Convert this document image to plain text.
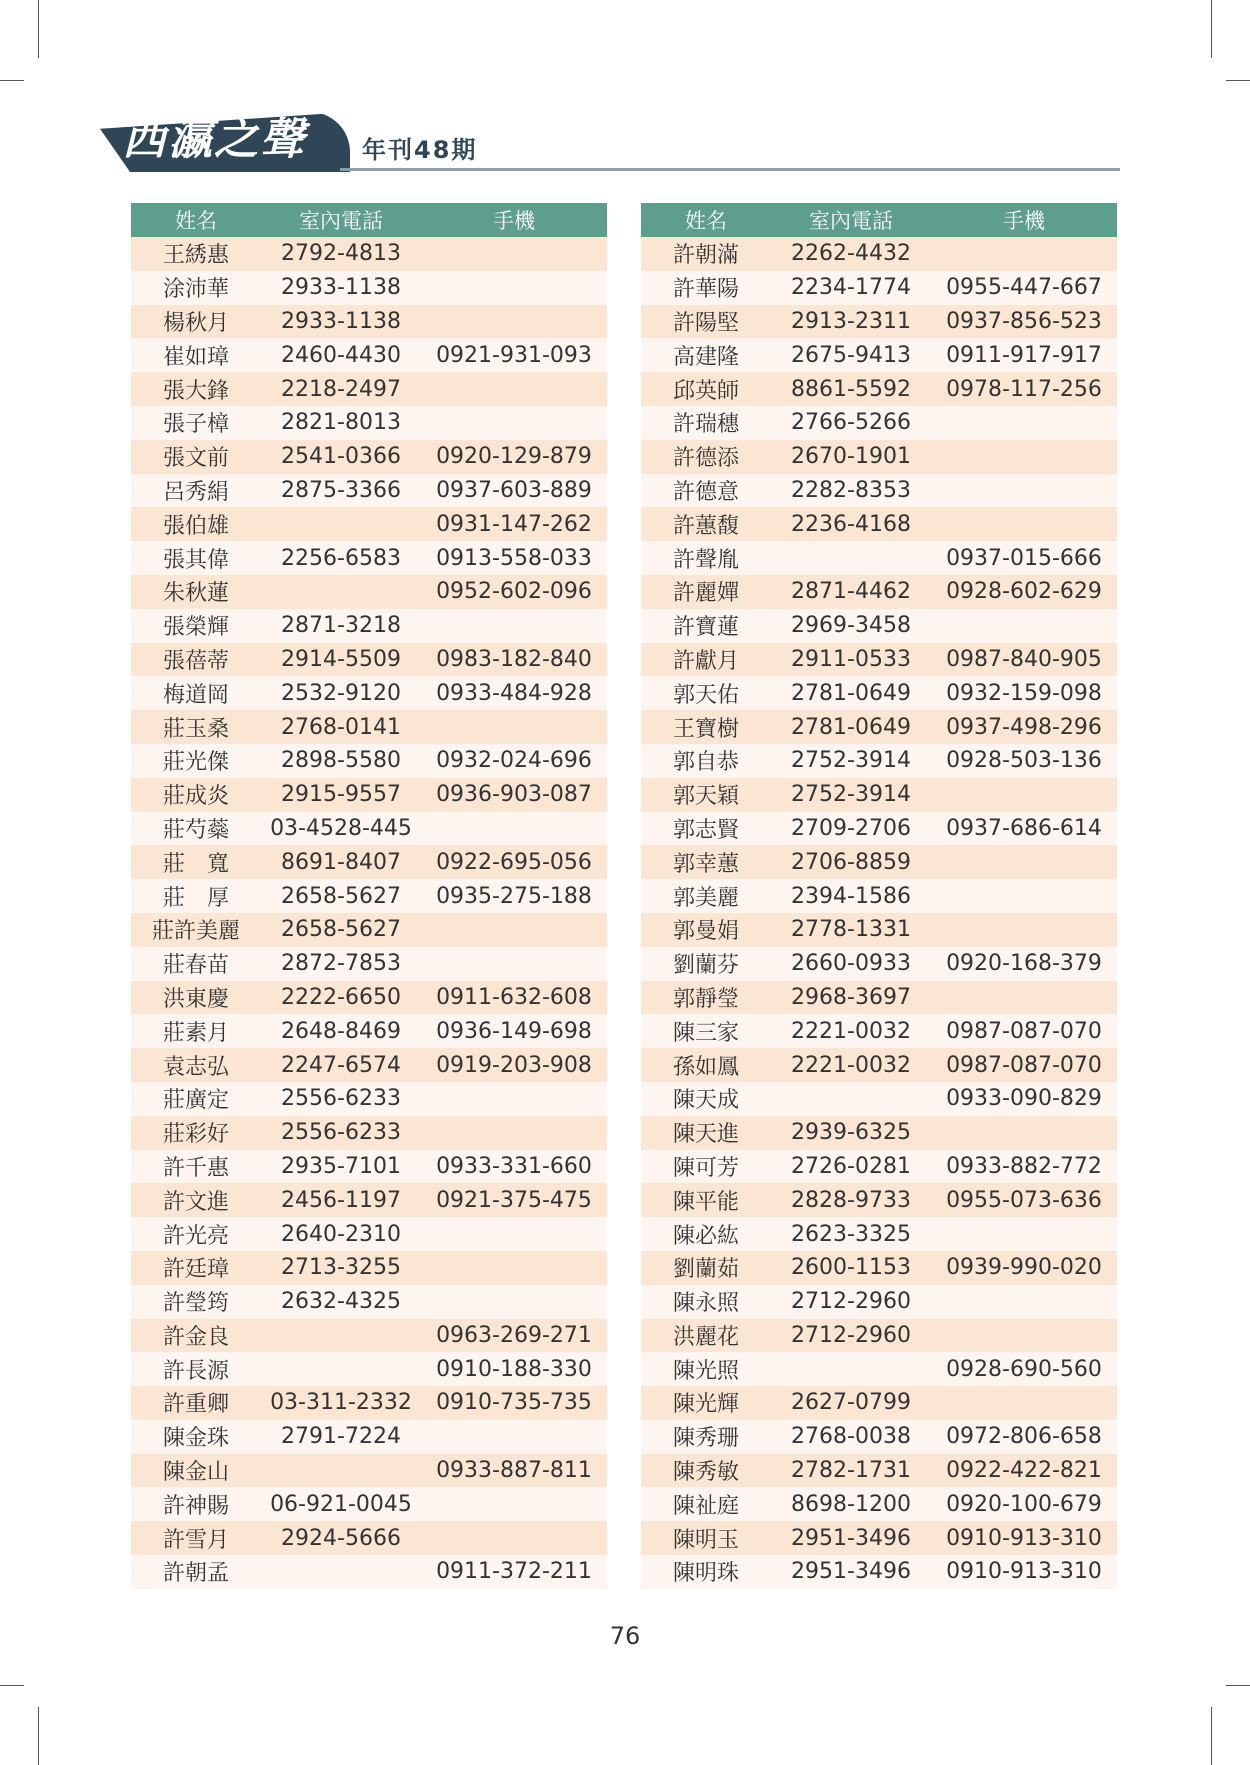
西瀛之聲	年刊48期
姓名	室內電話	手機
王綉惠	2792-4813	
涂沛華	2933-1138	
楊秋月	2933-1138	
崔如璋	2460-4430	0921-931-093
張大鋒	2218-2497	
張子樟	2821-8013	
張文前	2541-0366	0920-129-879
呂秀絹	2875-3366	0937-603-889
張伯雄		0931-147-262
張其偉	2256-6583	0913-558-033
朱秋蓮		0952-602-096
張榮輝	2871-3218	
張蓓蒂	2914-5509	0983-182-840
梅道岡	2532-9120	0933-484-928
莊玉桑	2768-0141	
莊光傑	2898-5580	0932-024-696
莊成炎	2915-9557	0936-903-087
莊芍蘂	03-4528-445	
莊　寬	8691-8407	0922-695-056
莊　厚	2658-5627	0935-275-188
莊許美麗	2658-5627	
莊春苗	2872-7853	
洪東慶	2222-6650	0911-632-608
莊素月	2648-8469	0936-149-698
袁志弘	2247-6574	0919-203-908
莊廣定	2556-6233	
莊彩好	2556-6233	
許千惠	2935-7101	0933-331-660
許文進	2456-1197	0921-375-475
許光亮	2640-2310	
許廷璋	2713-3255	
許瑩筠	2632-4325	
許金良		0963-269-271
許長源		0910-188-330
許重卿	03-311-2332	0910-735-735
陳金珠	2791-7224	
陳金山		0933-887-811
許神賜	06-921-0045	
許雪月	2924-5666	
許朝孟		0911-372-211
姓名	室內電話	手機
許朝滿	2262-4432	
許華陽	2234-1774	0955-447-667
許陽堅	2913-2311	0937-856-523
高建隆	2675-9413	0911-917-917
邱英師	8861-5592	0978-117-256
許瑞穗	2766-5266	
許德添	2670-1901	
許德意	2282-8353	
許蕙馥	2236-4168	
許聲胤		0937-015-666
許麗嬋	2871-4462	0928-602-629
許寶蓮	2969-3458	
許獻月	2911-0533	0987-840-905
郭天佑	2781-0649	0932-159-098
王寶樹	2781-0649	0937-498-296
郭自恭	2752-3914	0928-503-136
郭天穎	2752-3914	
郭志賢	2709-2706	0937-686-614
郭幸蕙	2706-8859	
郭美麗	2394-1586	
郭曼娟	2778-1331	
劉蘭芬	2660-0933	0920-168-379
郭靜瑩	2968-3697	
陳三家	2221-0032	0987-087-070
孫如鳳	2221-0032	0987-087-070
陳天成		0933-090-829
陳天進	2939-6325	
陳可芳	2726-0281	0933-882-772
陳平能	2828-9733	0955-073-636
陳必紘	2623-3325	
劉蘭茹	2600-1153	0939-990-020
陳永照	2712-2960	
洪麗花	2712-2960	
陳光照		0928-690-560
陳光輝	2627-0799	
陳秀珊	2768-0038	0972-806-658
陳秀敏	2782-1731	0922-422-821
陳祉庭	8698-1200	0920-100-679
陳明玉	2951-3496	0910-913-310
陳明珠	2951-3496	0910-913-310
76
